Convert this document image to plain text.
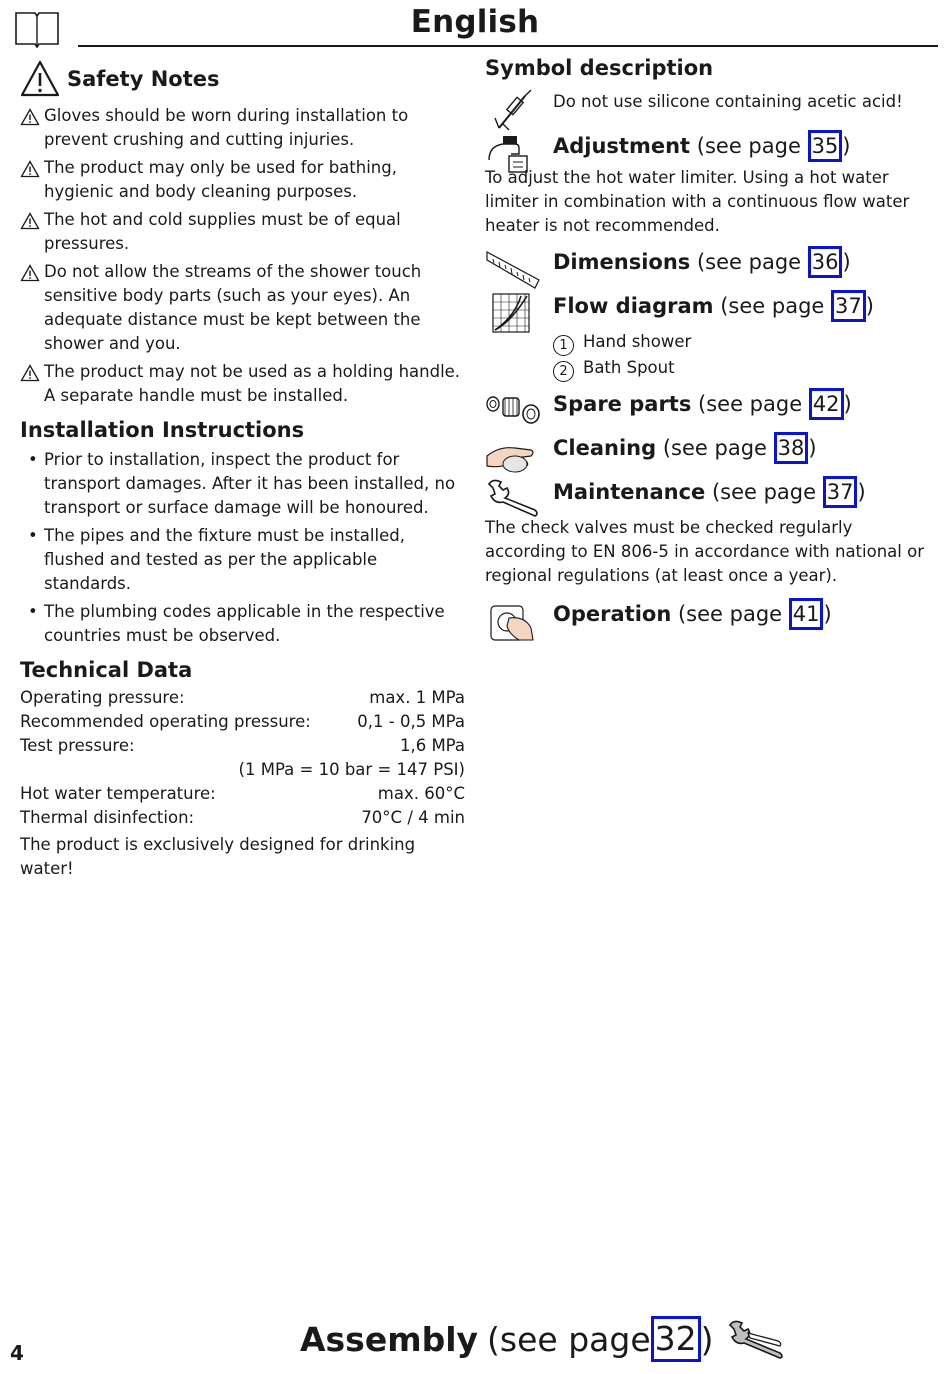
English
Safety Notes
Gloves should be worn during installation to prevent crushing and cutting injuries.
The product may only be used for bathing, hygienic and body cleaning purposes.
The hot and cold supplies must be of equal pressures.
Do not allow the streams of the shower touch sensitive body parts (such as your eyes). An adequate distance must be kept between the shower and you.
The product may not be used as a holding handle. A separate handle must be installed.
Installation Instructions
• Prior to installation, inspect the product for transport damages. After it has been installed, no transport or surface damage will be honoured.
• The pipes and the fixture must be installed, flushed and tested as per the applicable standards.
• The plumbing codes applicable in the respective countries must be observed.
Technical Data
Operating pressure:	max. 1 MPa
Recommended operating pressure:	0,1 - 0,5 MPa
Test pressure:	1,6 MPa
(1 MPa = 10 bar = 147 PSI)
Hot water temperature:	max. 60°C
Thermal disinfection:	70°C / 4 min
The product is exclusively designed for drinking water!
Symbol description
Do not use silicone containing acetic acid!
Adjustment (see page 35 )
To adjust the hot water limiter. Using a hot water limiter in combination with a continuous flow water heater is not recommended.
Dimensions (see page 36 )
Flow diagram (see page 37 )
1 Hand shower
2 Bath Spout
Spare parts (see page 42 )
Cleaning (see page 38 )
Maintenance (see page 37 )
The check valves must be checked regularly according to EN 806-5 in accordance with national or regional regulations (at least once a year).
Operation (see page 41 )
4	Assembly (see page 32 )
